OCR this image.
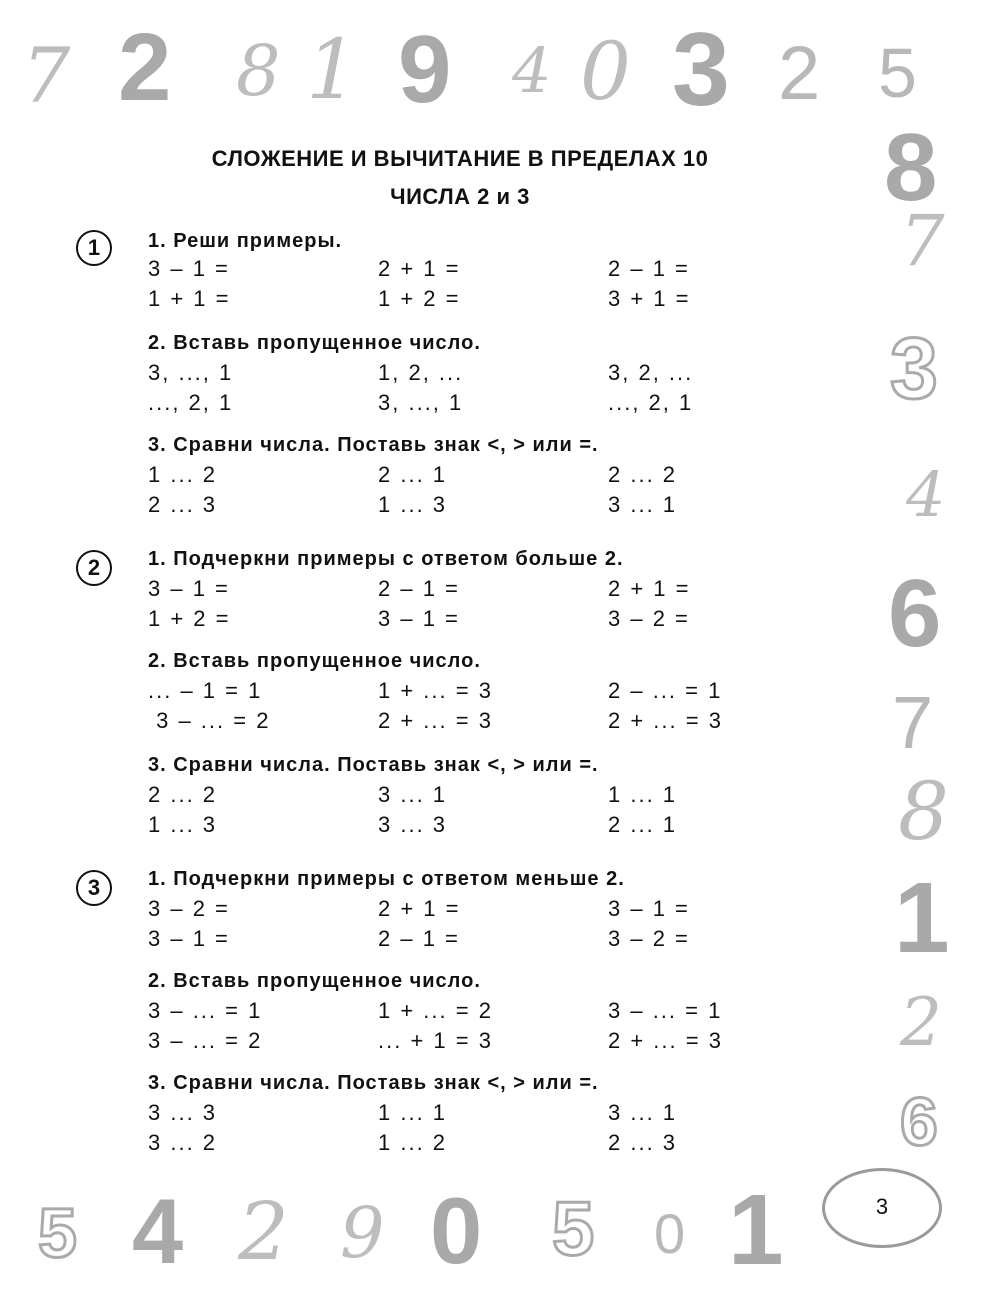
7 2 8 1 9 4 0 3 2 5
8
7
3
4
6
7
8
1
2
6
5 4 2 9 0 5 0 1
СЛОЖЕНИЕ И ВЫЧИТАНИЕ В ПРЕДЕЛАХ 10
ЧИСЛА 2 и 3
1	1. Реши примеры.
3 – 1 =	2 + 1 =	2 – 1 =
1 + 1 =	1 + 2 =	3 + 1 =
2. Вставь пропущенное число.
3, ..., 1	1, 2, ...	3, 2, ...
..., 2, 1	3, ..., 1	..., 2, 1
3. Сравни числа. Поставь знак <, > или =.
1 ... 2	2 ... 1	2 ... 2
2 ... 3	1 ... 3	3 ... 1
2	1. Подчеркни примеры с ответом больше 2.
3 – 1 =	2 – 1 =	2 + 1 =
1 + 2 =	3 – 1 =	3 – 2 =
2. Вставь пропущенное число.
... – 1 = 1	1 + ... = 3	2 – ... = 1
3 – ... = 2	2 + ... = 3	2 + ... = 3
3. Сравни числа. Поставь знак <, > или =.
2 ... 2	3 ... 1	1 ... 1
1 ... 3	3 ... 3	2 ... 1
3	1. Подчеркни примеры с ответом меньше 2.
3 – 2 =	2 + 1 =	3 – 1 =
3 – 1 =	2 – 1 =	3 – 2 =
2. Вставь пропущенное число.
3 – ... = 1	1 + ... = 2	3 – ... = 1
3 – ... = 2	... + 1 = 3	2 + ... = 3
3. Сравни числа. Поставь знак <, > или =.
3 ... 3	1 ... 1	3 ... 1
3 ... 2	1 ... 2	2 ... 3
3
